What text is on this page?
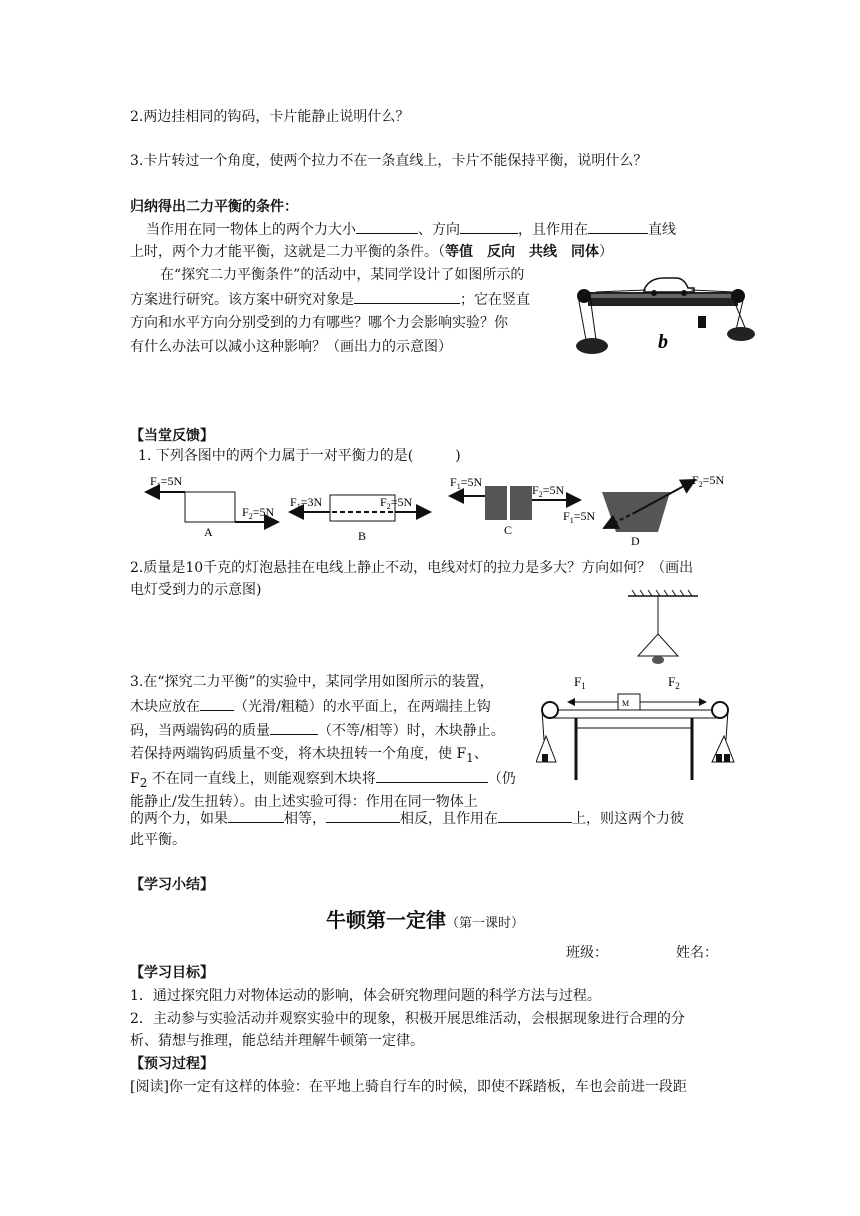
2.两边挂相同的钩码，卡片能静止说明什么？
3.卡片转过一个角度，使两个拉力不在一条直线上，卡片不能保持平衡，说明什么？
归纳得出二力平衡的条件：
当作用在同一物体上的两个力大小	、方向	，且作用在	直线
上时，两个力才能平衡，这就是二力平衡的条件。（等值　反向　共线　同体）
在“探究二力平衡条件”的活动中，某同学设计了如图所示的
方案进行研究。该方案中研究对象是	；它在竖直
方向和水平方向分别受到的力有哪些？哪个力会影响实验？你
有什么办法可以减小这种影响？（画出力的示意图）	b
【当堂反馈】
1. 下列各图中的两个力属于一对平衡力的是(　　　)
$F_1=5N$
$F_2=5N$
A
$F_1=3N$	$F_2=5N$
B
$F_1=5N$
$F_2=5N$
C
$F_2=5N$
$F_1=5N$
D
2.质量是10千克的灯泡悬挂在电线上静止不动，电线对灯的拉力是多大？方向如何？（画出
电灯受到力的示意图)
3.在“探究二力平衡”的实验中，某同学用如图所示的装置，
木块应放在 （光滑/粗糙）的水平面上，在两端挂上钩
码，当两端钩码的质量	（不等/相等）时，木块静止。
若保持两端钩码质量不变，将木块扭转一个角度，使 $F_1$、
$F_2$ 不在同一直线上，则能观察到木块将	（仍
能静止/发生扭转）。由上述实验可得：作用在同一物体上
的两个力，如果	相等，	相反，且作用在	上，则这两个力彼
此平衡。
$F_1$	$F_2$
M
【学习小结】
牛顿第一定律（第一课时）
班级：	姓名：
【学习目标】
1．通过探究阻力对物体运动的影响，体会研究物理问题的科学方法与过程。
2．主动参与实验活动并观察实验中的现象，积极开展思维活动，会根据现象进行合理的分
析、猜想与推理，能总结并理解牛顿第一定律。
【预习过程】
[阅读]你一定有这样的体验：在平地上骑自行车的时候，即使不踩踏板，车也会前进一段距
